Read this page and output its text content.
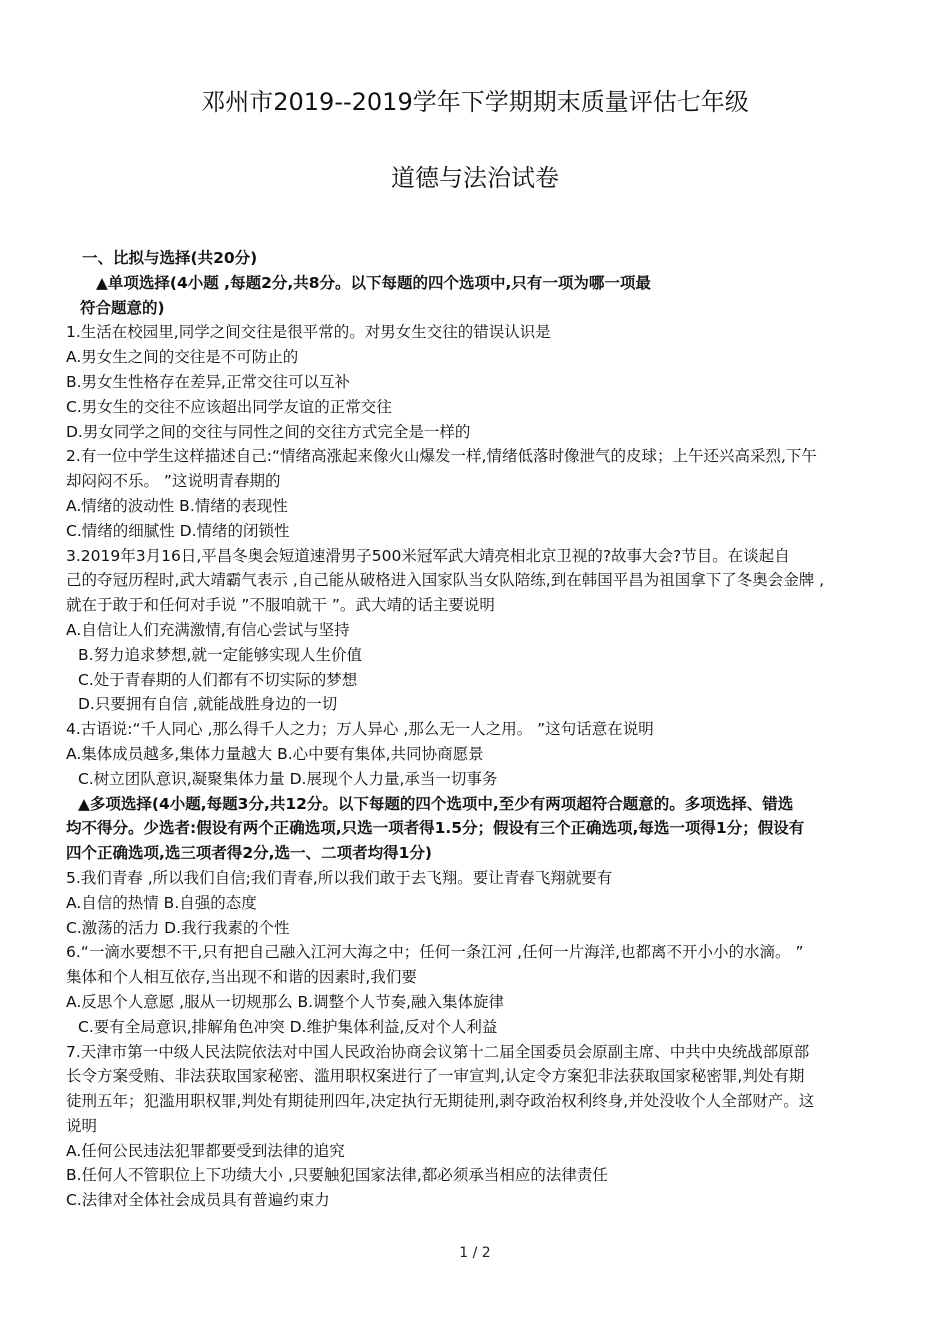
邓州市2019--2019学年下学期期末质量评估七年级
道德与法治试卷
一、比拟与选择(共20分)
▲单项选择(4小题 ,每题2分,共8分。以下每题的四个选项中,只有一项为哪一项最
符合题意的)
1.生活在校园里,同学之间交往是很平常的。对男女生交往的错误认识是
A.男女生之间的交往是不可防止的
B.男女生性格存在差异,正常交往可以互补
C.男女生的交往不应该超出同学友谊的正常交往
D.男女同学之间的交往与同性之间的交往方式完全是一样的
2.有一位中学生这样描述自己:“情绪高涨起来像火山爆发一样,情绪低落时像泄气的皮球；上午还兴高采烈,下午
却闷闷不乐。 ”这说明青春期的
A.情绪的波动性 B.情绪的表现性
C.情绪的细腻性 D.情绪的闭锁性
3.2019年3月16日,平昌冬奥会短道速滑男子500米冠军武大靖亮相北京卫视的?故事大会?节目。在谈起自
己的夺冠历程时,武大靖霸气表示 ,自己能从破格进入国家队当女队陪练,到在韩国平昌为祖国拿下了冬奥会金牌 ,
就在于敢于和任何对手说 ”不服咱就干 ”。武大靖的话主要说明
A.自信让人们充满激情,有信心尝试与坚持
B.努力追求梦想,就一定能够实现人生价值
C.处于青春期的人们都有不切实际的梦想
D.只要拥有自信 ,就能战胜身边的一切
4.古语说:“千人同心 ,那么得千人之力；万人异心 ,那么无一人之用。 ”这句话意在说明
A.集体成员越多,集体力量越大 B.心中要有集体,共同协商愿景
C.树立团队意识,凝聚集体力量 D.展现个人力量,承当一切事务
▲多项选择(4小题,每题3分,共12分。以下每题的四个选项中,至少有两项超符合题意的。多项选择、错选
均不得分。少选者:假设有两个正确选项,只选一项者得1.5分；假设有三个正确选项,每选一项得1分；假设有
四个正确选项,选三项者得2分,选一、二项者均得1分)
5.我们青春 ,所以我们自信;我们青春,所以我们敢于去飞翔。要让青春飞翔就要有
A.自信的热情 B.自强的态度
C.激荡的活力 D.我行我素的个性
6.“一滴水要想不干,只有把自己融入江河大海之中；任何一条江河 ,任何一片海洋,也都离不开小小的水滴。 ”
集体和个人相互依存,当出现不和谐的因素时,我们要
A.反思个人意愿 ,服从一切规那么 B.调整个人节奏,融入集体旋律
C.要有全局意识,排解角色冲突 D.维护集体利益,反对个人利益
7.天津市第一中级人民法院依法对中国人民政治协商会议第十二届全国委员会原副主席、中共中央统战部原部
长令方案受贿、非法获取国家秘密、滥用职权案进行了一审宣判,认定令方案犯非法获取国家秘密罪,判处有期
徒刑五年；犯滥用职权罪,判处有期徒刑四年,决定执行无期徒刑,剥夺政治权利终身,并处没收个人全部财产。这
说明
A.任何公民违法犯罪都要受到法律的追究
B.任何人不管职位上下功绩大小 ,只要触犯国家法律,都必须承当相应的法律责任
C.法律对全体社会成员具有普遍约束力
1 / 2
